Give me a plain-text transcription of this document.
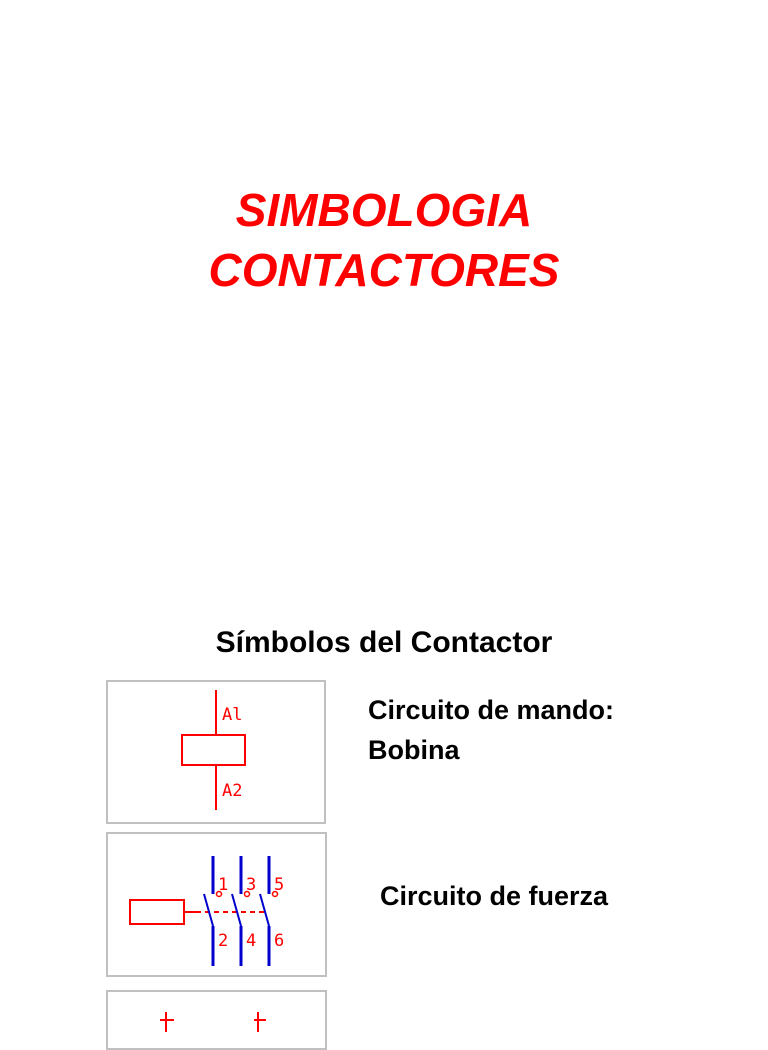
SIMBOLOGIA
CONTACTORES
Símbolos del Contactor
Al
A2
Circuito de mando:
Bobina
1 3 5
2 4 6
Circuito de fuerza
